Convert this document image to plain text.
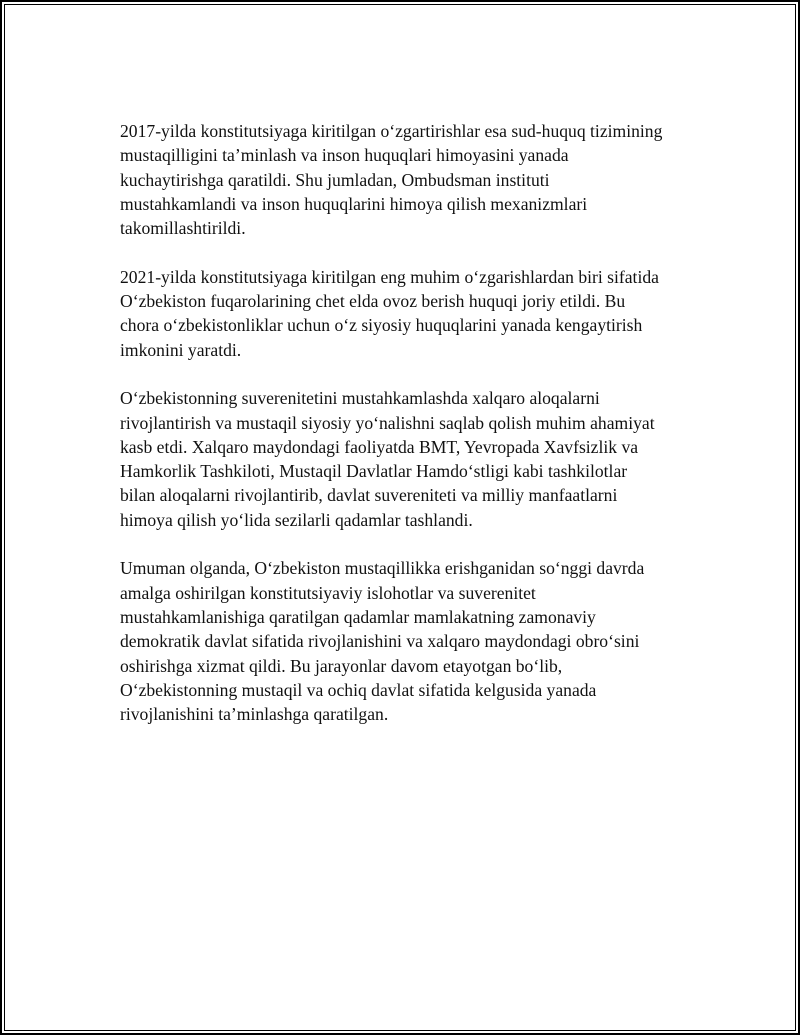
2017-yilda konstitutsiyaga kiritilgan oʻzgartirishlar esa sud-huquq tizimining
mustaqilligini taʼminlash va inson huquqlari himoyasini yanada
kuchaytirishga qaratildi. Shu jumladan, Ombudsman instituti
mustahkamlandi va inson huquqlarini himoya qilish mexanizmlari
takomillashtirildi.

2021-yilda konstitutsiyaga kiritilgan eng muhim oʻzgarishlardan biri sifatida
Oʻzbekiston fuqarolarining chet elda ovoz berish huquqi joriy etildi. Bu
chora oʻzbekistonliklar uchun oʻz siyosiy huquqlarini yanada kengaytirish
imkonini yaratdi.

Oʻzbekistonning suverenitetini mustahkamlashda xalqaro aloqalarni
rivojlantirish va mustaqil siyosiy yoʻnalishni saqlab qolish muhim ahamiyat
kasb etdi. Xalqaro maydondagi faoliyatda BMT, Yevropada Xavfsizlik va
Hamkorlik Tashkiloti, Mustaqil Davlatlar Hamdoʻstligi kabi tashkilotlar
bilan aloqalarni rivojlantirib, davlat suvereniteti va milliy manfaatlarni
himoya qilish yoʻlida sezilarli qadamlar tashlandi.

Umuman olganda, Oʻzbekiston mustaqillikka erishganidan soʻnggi davrda
amalga oshirilgan konstitutsiyaviy islohotlar va suverenitet
mustahkamlanishiga qaratilgan qadamlar mamlakatning zamonaviy
demokratik davlat sifatida rivojlanishini va xalqaro maydondagi obroʻsini
oshirishga xizmat qildi. Bu jarayonlar davom etayotgan boʻlib,
Oʻzbekistonning mustaqil va ochiq davlat sifatida kelgusida yanada
rivojlanishini taʼminlashga qaratilgan.
